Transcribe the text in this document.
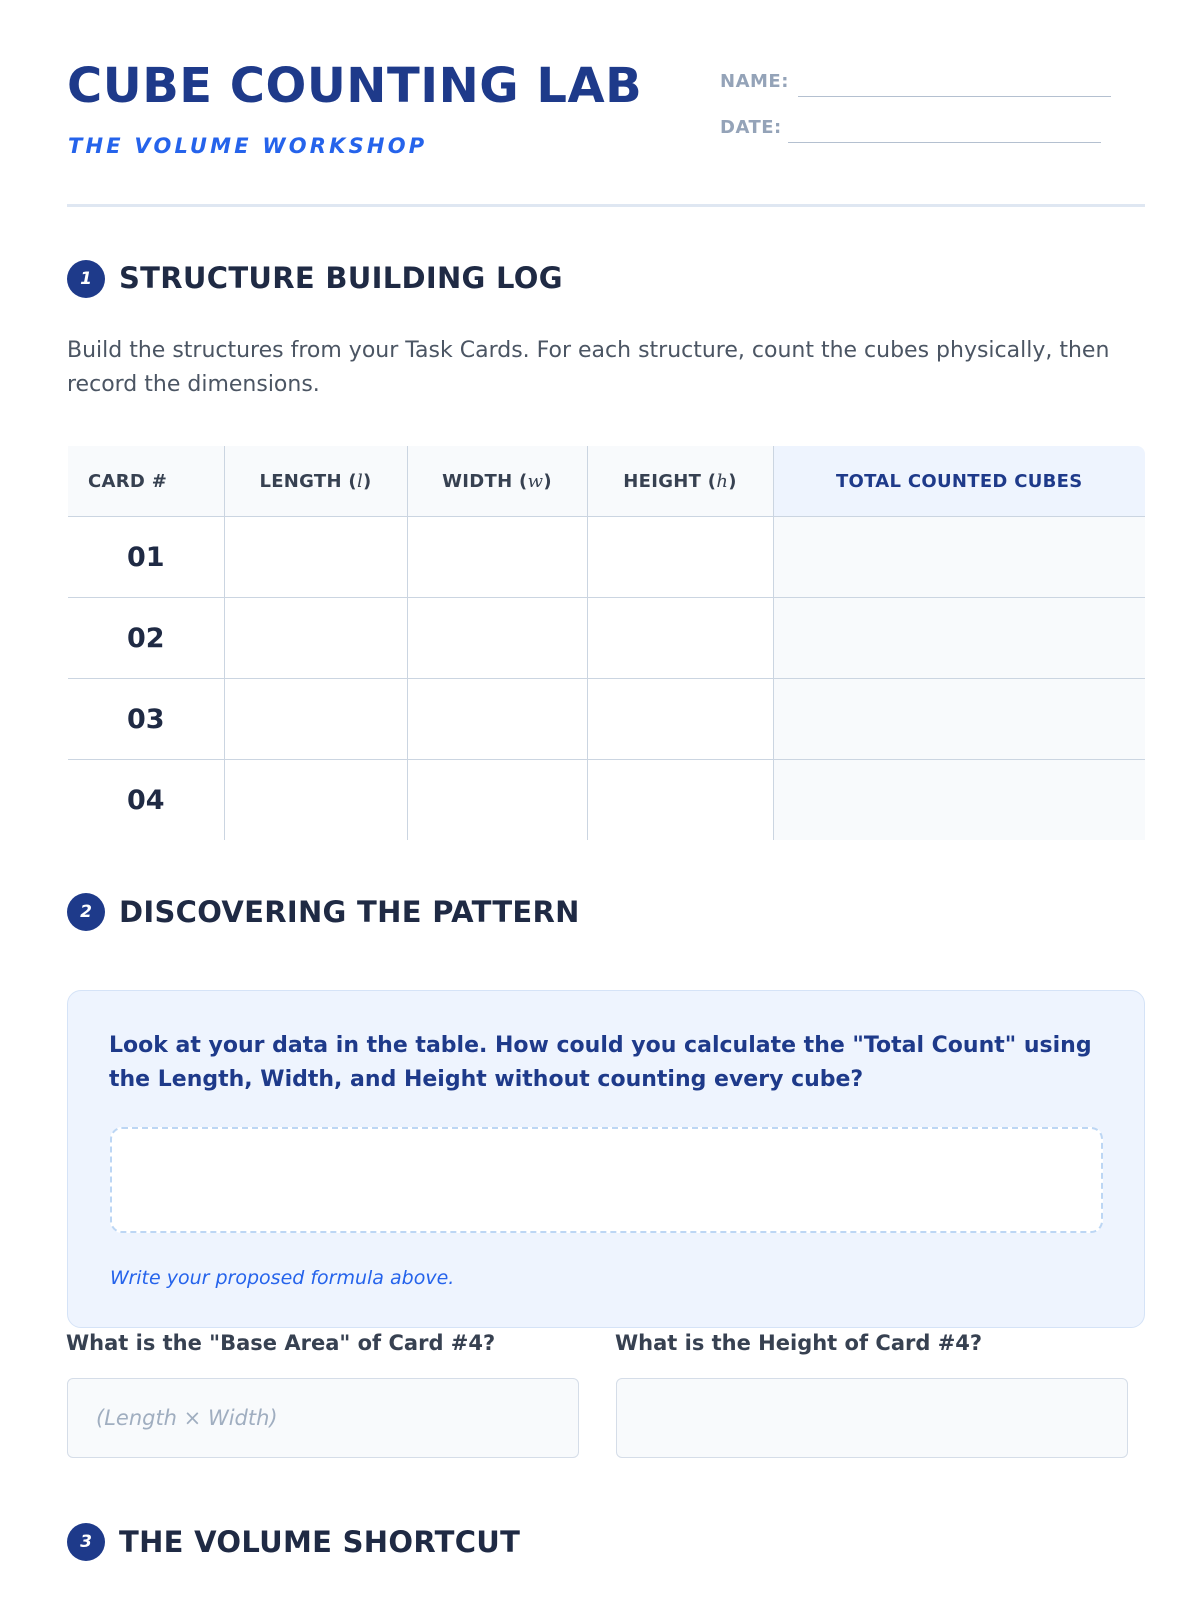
CUBE COUNTING LAB
THE VOLUME WORKSHOP
NAME:
DATE:
1 STRUCTURE BUILDING LOG

Build the structures from your Task Cards. For each structure, count the cubes physically, then record the dimensions.

CARD #	LENGTH (l)	WIDTH (w)	HEIGHT (h)	TOTAL COUNTED CUBES
01				
02				
03				
04				
2 DISCOVERING THE PATTERN

Look at your data in the table. How could you calculate the "Total Count" using the Length, Width, and Height without counting every cube?

Write your proposed formula above.
What is the "Base Area" of Card #4?
(Length × Width)
What is the Height of Card #4?
3 THE VOLUME SHORTCUT
